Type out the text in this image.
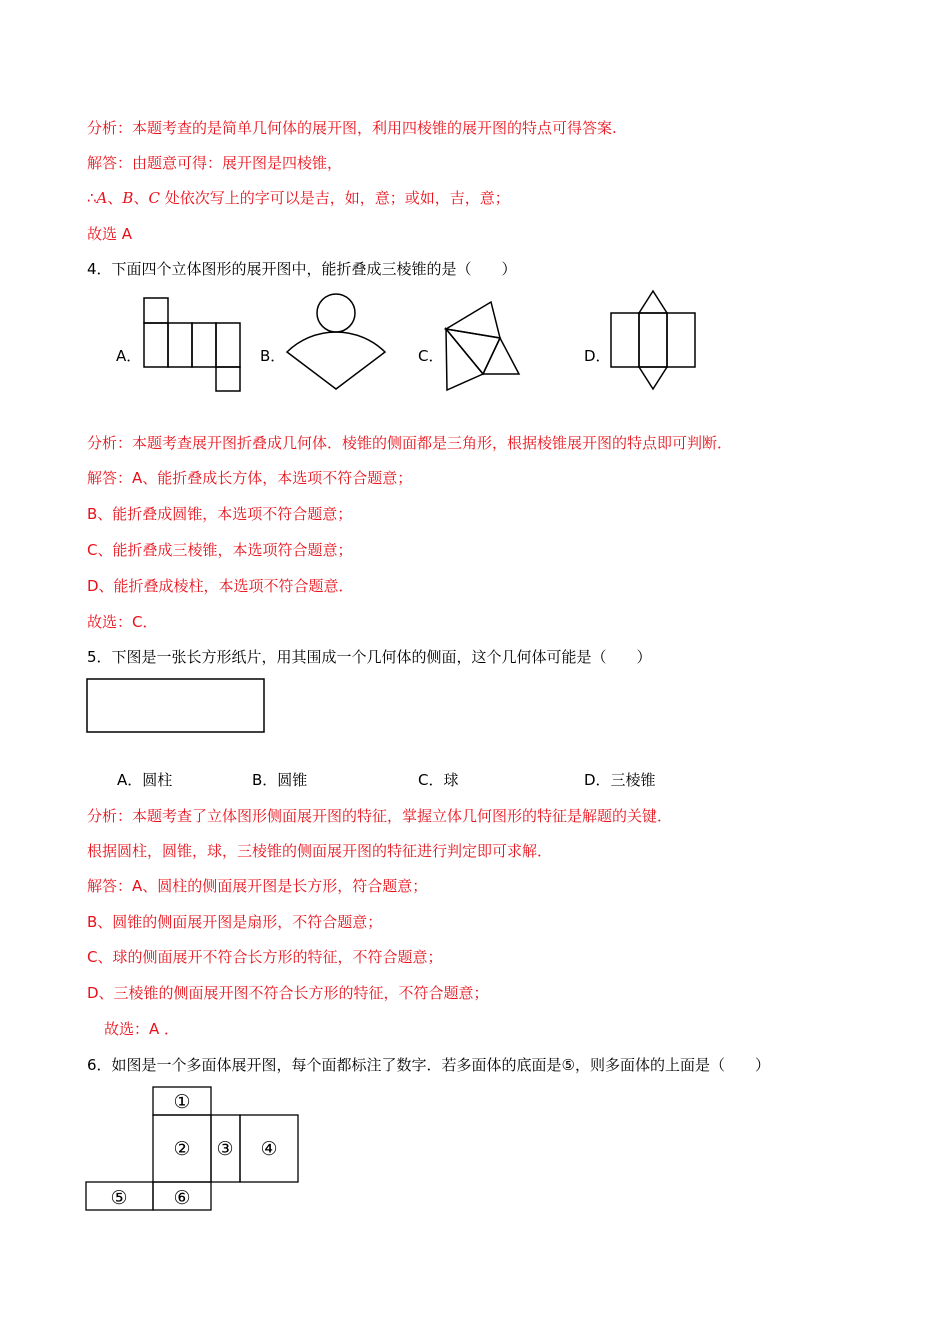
分析：本题考查的是简单几何体的展开图，利用四棱锥的展开图的特点可得答案.
解答：由题意可得：展开图是四棱锥，
∴A、B、C 处依次写上的字可以是吉，如，意；或如，吉，意；
故选 A
4．下面四个立体图形的展开图中，能折叠成三棱锥的是（　　）
A．	B．	C．	D．
分析：本题考查展开图折叠成几何体．棱锥的侧面都是三角形，根据棱锥展开图的特点即可判断．
解答：A、能折叠成长方体，本选项不符合题意；
B、能折叠成圆锥，本选项不符合题意；
C、能折叠成三棱锥，本选项符合题意；
D、能折叠成棱柱，本选项不符合题意．
故选：C．
5．下图是一张长方形纸片，用其围成一个几何体的侧面，这个几何体可能是（　　）
A．圆柱	B．圆锥	C．球	D．三棱锥
分析：本题考查了立体图形侧面展开图的特征，掌握立体几何图形的特征是解题的关键．
根据圆柱，圆锥，球，三棱锥的侧面展开图的特征进行判定即可求解．
解答：A、圆柱的侧面展开图是长方形，符合题意；
B、圆锥的侧面展开图是扇形，不符合题意；
C、球的侧面展开不符合长方形的特征，不符合题意；
D、三棱锥的侧面展开图不符合长方形的特征，不符合题意；
故选：A ．
6．如图是一个多面体展开图，每个面都标注了数字．若多面体的底面是⑤，则多面体的上面是（　　）
①
② ③ ④
⑤ ⑥
